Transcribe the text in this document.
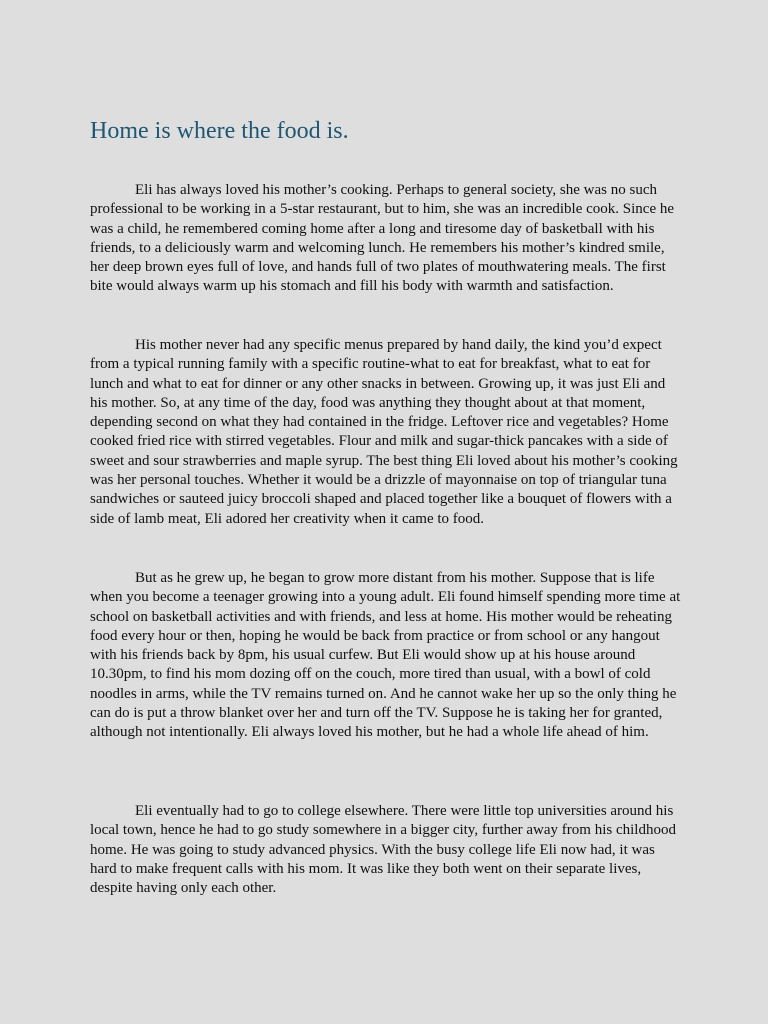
Home is where the food is.

Eli has always loved his mother’s cooking. Perhaps to general society, she was no such professional to be working in a 5-star restaurant, but to him, she was an incredible cook. Since he was a child, he remembered coming home after a long and tiresome day of basketball with his friends, to a deliciously warm and welcoming lunch. He remembers his mother’s kindred smile, her deep brown eyes full of love, and hands full of two plates of mouthwatering meals. The first bite would always warm up his stomach and fill his body with warmth and satisfaction.

His mother never had any specific menus prepared by hand daily, the kind you’d expect from a typical running family with a specific routine-what to eat for breakfast, what to eat for lunch and what to eat for dinner or any other snacks in between. Growing up, it was just Eli and his mother. So, at any time of the day, food was anything they thought about at that moment, depending second on what they had contained in the fridge. Leftover rice and vegetables? Home cooked fried rice with stirred vegetables. Flour and milk and sugar-thick pancakes with a side of sweet and sour strawberries and maple syrup. The best thing Eli loved about his mother’s cooking was her personal touches. Whether it would be a drizzle of mayonnaise on top of triangular tuna sandwiches or sauteed juicy broccoli shaped and placed together like a bouquet of flowers with a side of lamb meat, Eli adored her creativity when it came to food.

But as he grew up, he began to grow more distant from his mother. Suppose that is life when you become a teenager growing into a young adult. Eli found himself spending more time at school on basketball activities and with friends, and less at home. His mother would be reheating food every hour or then, hoping he would be back from practice or from school or any hangout with his friends back by 8pm, his usual curfew. But Eli would show up at his house around 10.30pm, to find his mom dozing off on the couch, more tired than usual, with a bowl of cold noodles in arms, while the TV remains turned on. And he cannot wake her up so the only thing he can do is put a throw blanket over her and turn off the TV. Suppose he is taking her for granted, although not intentionally. Eli always loved his mother, but he had a whole life ahead of him.

Eli eventually had to go to college elsewhere. There were little top universities around his local town, hence he had to go study somewhere in a bigger city, further away from his childhood home. He was going to study advanced physics. With the busy college life Eli now had, it was hard to make frequent calls with his mom. It was like they both went on their separate lives, despite having only each other.
